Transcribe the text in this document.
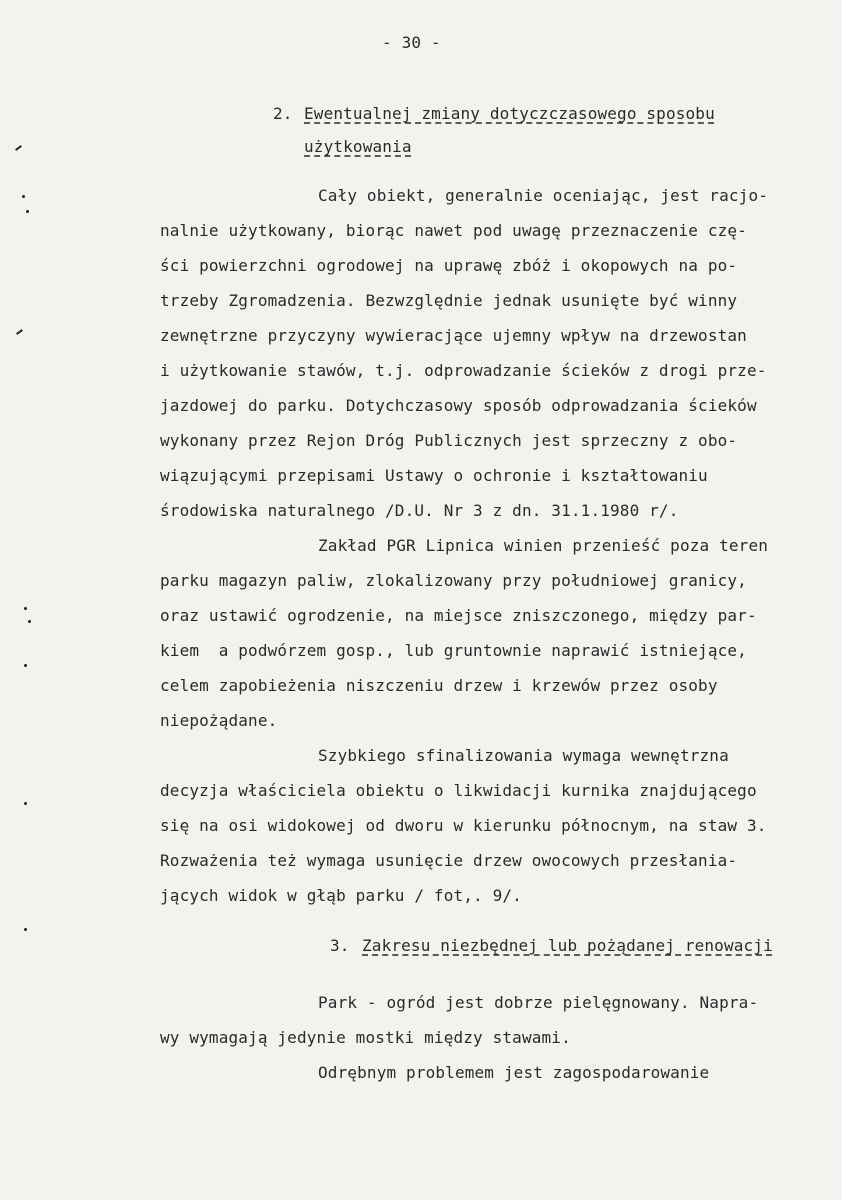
- 30 -
2. Ewentualnej zmiany dotyczczasowego sposobu
użytkowania
Cały obiekt, generalnie oceniając, jest racjo-
nalnie użytkowany, biorąc nawet pod uwagę przeznaczenie czę-
ści powierzchni ogrodowej na uprawę zbóż i okopowych na po-
trzeby Zgromadzenia. Bezwzględnie jednak usunięte być winny
zewnętrzne przyczyny wywieracjące ujemny wpływ na drzewostan
i użytkowanie stawów, t.j. odprowadzanie ścieków z drogi prze-
jazdowej do parku. Dotychczasowy sposób odprowadzania ścieków
wykonany przez Rejon Dróg Publicznych jest sprzeczny z obo-
wiązującymi przepisami Ustawy o ochronie i kształtowaniu
środowiska naturalnego /D.U. Nr 3 z dn. 31.1.1980 r/.
Zakład PGR Lipnica winien przenieść poza teren
parku magazyn paliw, zlokalizowany przy południowej granicy,
oraz ustawić ogrodzenie, na miejsce zniszczonego, między par-
kiem  a podwórzem gosp., lub gruntownie naprawić istniejące,
celem zapobieżenia niszczeniu drzew i krzewów przez osoby
niepożądane.
Szybkiego sfinalizowania wymaga wewnętrzna
decyzja właściciela obiektu o likwidacji kurnika znajdującego
się na osi widokowej od dworu w kierunku północnym, na staw 3.
Rozważenia też wymaga usunięcie drzew owocowych przesłania-
jących widok w głąb parku / fot,. 9/.
3. Zakresu niezbędnej lub pożądanej renowacji
Park - ogród jest dobrze pielęgnowany. Napra-
wy wymagają jedynie mostki między stawami.
Odrębnym problemem jest zagospodarowanie
